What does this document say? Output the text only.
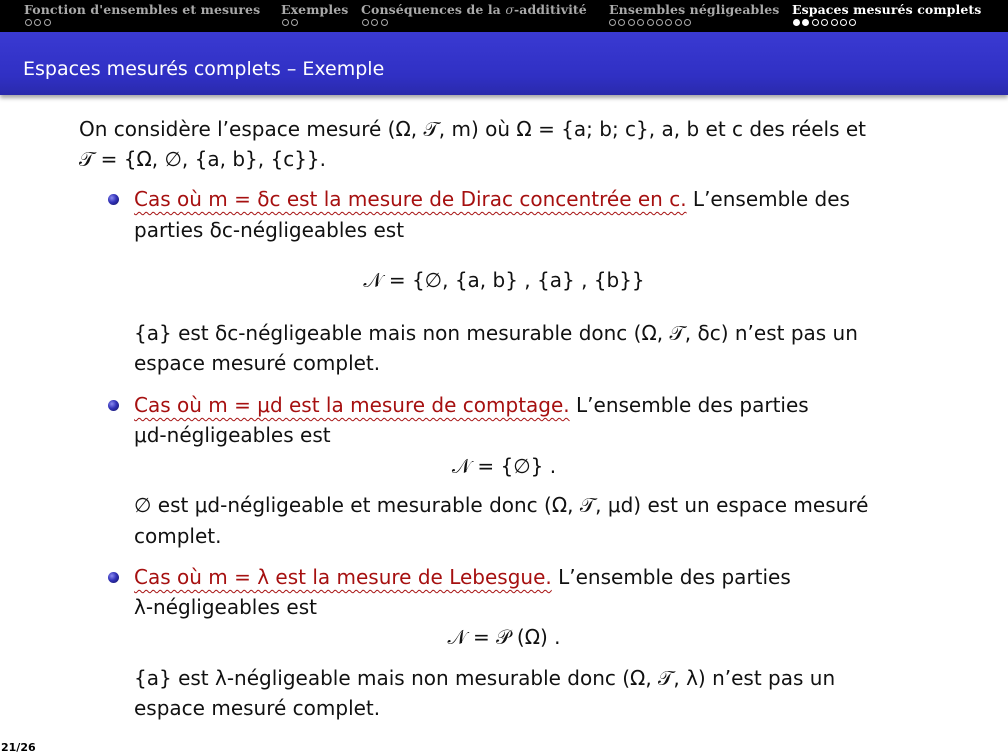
Fonction d'ensembles et mesures Exemples Conséquences de la σ-additivité Ensembles négligeables Espaces mesurés complets
Espaces mesurés complets – Exemple
On considère l’espace mesuré (Ω, 𝒯, m) où Ω = {a; b; c}, a, b et c des réels et
𝒯 = {Ω, ∅, {a, b}, {c}}.
Cas où m = δc est la mesure de Dirac concentrée en c. L’ensemble des
parties δc-négligeables est
𝒩 = {∅, {a, b} , {a} , {b}}
{a} est δc-négligeable mais non mesurable donc (Ω, 𝒯, δc) n’est pas un
espace mesuré complet.
Cas où m = μd est la mesure de comptage. L’ensemble des parties
μd-négligeables est
𝒩 = {∅} .
∅ est μd-négligeable et mesurable donc (Ω, 𝒯, μd) est un espace mesuré
complet.
Cas où m = λ est la mesure de Lebesgue. L’ensemble des parties
λ-négligeables est
𝒩 = 𝒫 (Ω) .
{a} est λ-négligeable mais non mesurable donc (Ω, 𝒯, λ) n’est pas un
espace mesuré complet.
21/26
